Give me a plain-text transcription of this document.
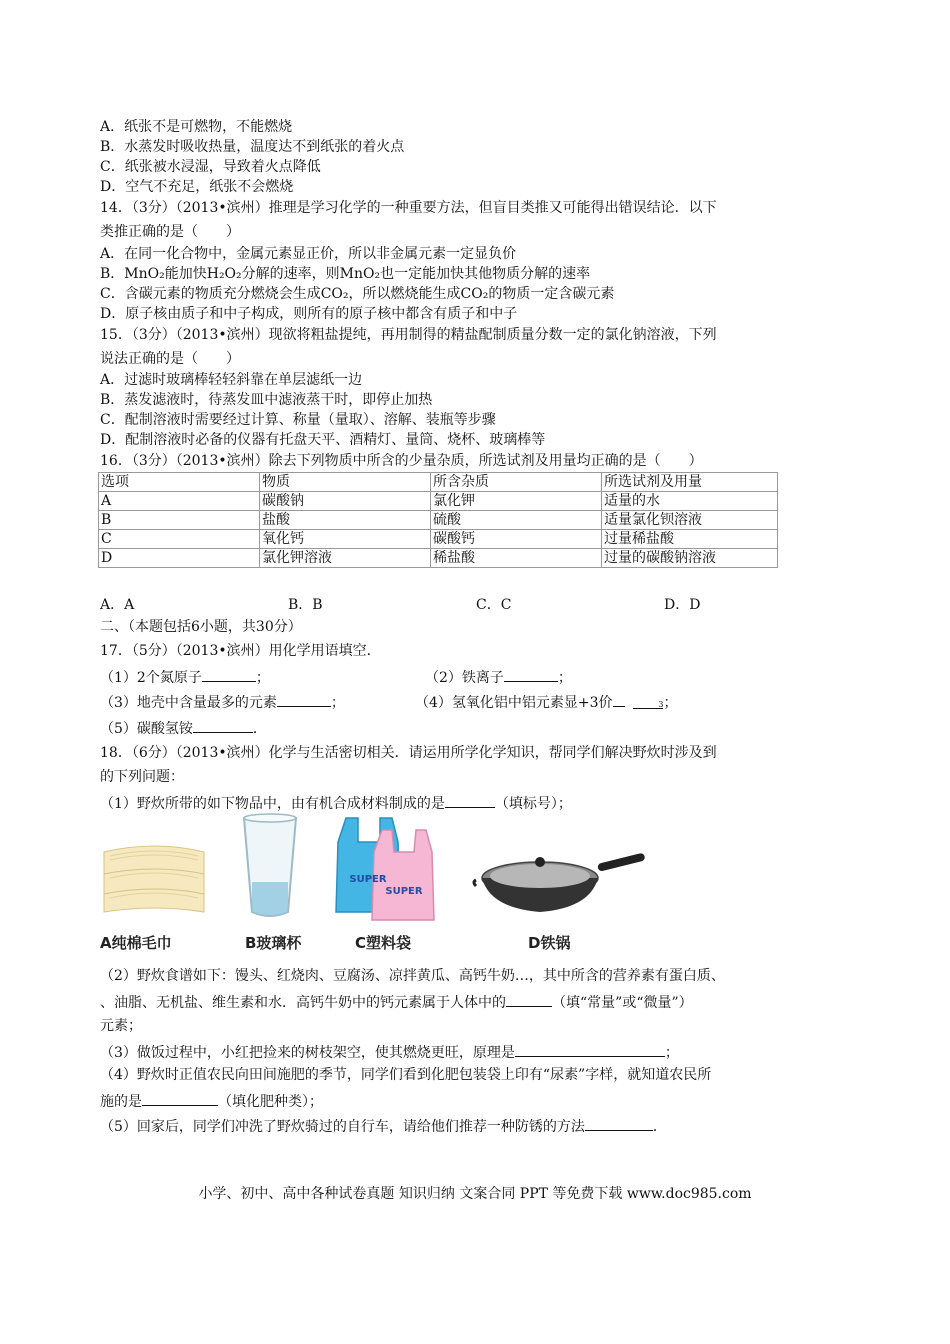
A．纸张不是可燃物，不能燃烧
B．水蒸发时吸收热量，温度达不到纸张的着火点
C．纸张被水浸湿，导致着火点降低
D．空气不充足，纸张不会燃烧
14．（3分）（2013•滨州）推理是学习化学的一种重要方法，但盲目类推又可能得出错误结论．以下
类推正确的是（　　）
A．在同一化合物中，金属元素显正价，所以非金属元素一定显负价
B．MnO₂能加快H₂O₂分解的速率，则MnO₂也一定能加快其他物质分解的速率
C．含碳元素的物质充分燃烧会生成CO₂，所以燃烧能生成CO₂的物质一定含碳元素
D．原子核由质子和中子构成，则所有的原子核中都含有质子和中子
15．（3分）（2013•滨州）现欲将粗盐提纯，再用制得的精盐配制质量分数一定的氯化钠溶液，下列
说法正确的是（　　）
A．过滤时玻璃棒轻轻斜靠在单层滤纸一边
B．蒸发滤液时，待蒸发皿中滤液蒸干时，即停止加热
C．配制溶液时需要经过计算、称量（量取）、溶解、装瓶等步骤
D．配制溶液时必备的仪器有托盘天平、酒精灯、量筒、烧杯、玻璃棒等
16．（3分）（2013•滨州）除去下列物质中所含的少量杂质，所选试剂及用量均正确的是（　　）
选项	物质	所含杂质	所选试剂及用量
A	碳酸钠	氯化钾	适量的水
B	盐酸	硫酸	适量氯化钡溶液
C	氧化钙	碳酸钙	过量稀盐酸
D	氯化钾溶液	稀盐酸	过量的碳酸钠溶液
A．A	B．B	C．C	D．D
二、（本题包括6小题，共30分）
17．（5分）（2013•滨州）用化学用语填空．
（1）2个氮原子	；	（2）铁离子	；
（3）地壳中含量最多的元素	；	（4）氢氧化铝中铝元素显+3价	3；
（5）碳酸氢铵	．
18．（6分）（2013•滨州）化学与生活密切相关．请运用所学化学知识，帮同学们解决野炊时涉及到
的下列问题：
（1）野炊所带的如下物品中，由有机合成材料制成的是	（填标号）；
SUPER
SUPER
A纯棉毛巾	B玻璃杯	C塑料袋	D铁锅
（2）野炊食谱如下：馒头、红烧肉、豆腐汤、凉拌黄瓜、高钙牛奶…，其中所含的营养素有蛋白质、
、油脂、无机盐、维生素和水．高钙牛奶中的钙元素属于人体中的	（填“常量”或“微量”）
元素；
（3）做饭过程中，小红把捡来的树枝架空，使其燃烧更旺，原理是	；
（4）野炊时正值农民向田间施肥的季节，同学们看到化肥包装袋上印有“尿素”字样，就知道农民所
施的是	（填化肥种类）；
（5）回家后，同学们冲洗了野炊骑过的自行车，请给他们推荐一种防锈的方法	．
小学、初中、高中各种试卷真题 知识归纳 文案合同 PPT 等免费下载 www.doc985.com
